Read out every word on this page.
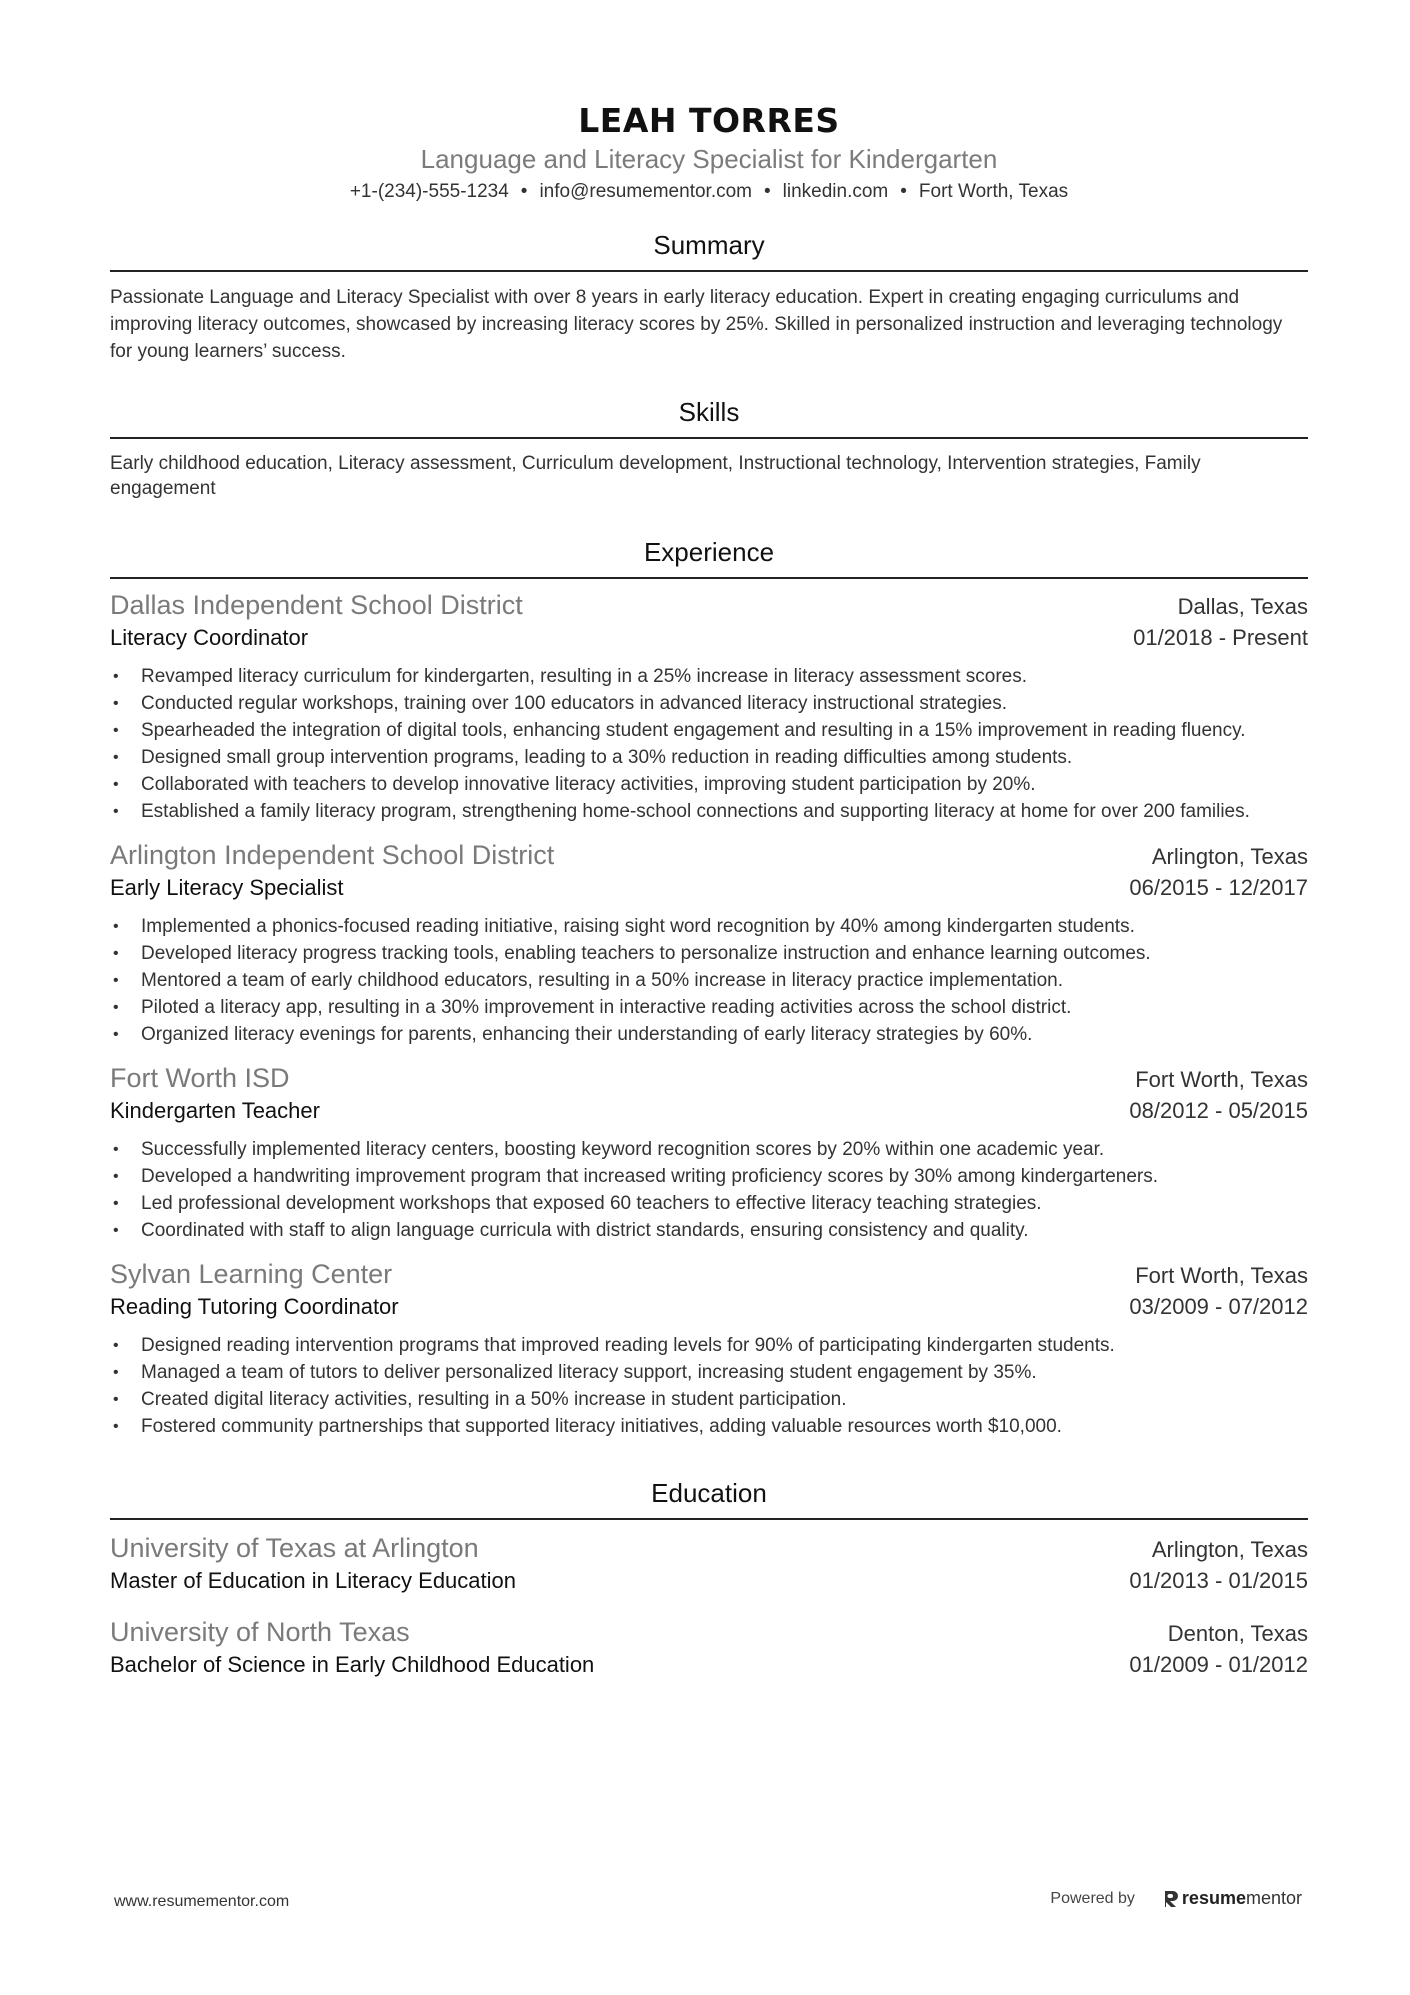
LEAH TORRES
Language and Literacy Specialist for Kindergarten
+1-(234)-555-1234 • info@resumementor.com • linkedin.com • Fort Worth, Texas
Summary
Passionate Language and Literacy Specialist with over 8 years in early literacy education. Expert in creating engaging curriculums and improving literacy outcomes, showcased by increasing literacy scores by 25%. Skilled in personalized instruction and leveraging technology for young learners’ success.
Skills
Early childhood education, Literacy assessment, Curriculum development, Instructional technology, Intervention strategies, Family engagement
Experience
Dallas Independent School District	Dallas, Texas
Literacy Coordinator	01/2018 - Present
• Revamped literacy curriculum for kindergarten, resulting in a 25% increase in literacy assessment scores.
• Conducted regular workshops, training over 100 educators in advanced literacy instructional strategies.
• Spearheaded the integration of digital tools, enhancing student engagement and resulting in a 15% improvement in reading fluency.
• Designed small group intervention programs, leading to a 30% reduction in reading difficulties among students.
• Collaborated with teachers to develop innovative literacy activities, improving student participation by 20%.
• Established a family literacy program, strengthening home-school connections and supporting literacy at home for over 200 families.
Arlington Independent School District	Arlington, Texas
Early Literacy Specialist	06/2015 - 12/2017
• Implemented a phonics-focused reading initiative, raising sight word recognition by 40% among kindergarten students.
• Developed literacy progress tracking tools, enabling teachers to personalize instruction and enhance learning outcomes.
• Mentored a team of early childhood educators, resulting in a 50% increase in literacy practice implementation.
• Piloted a literacy app, resulting in a 30% improvement in interactive reading activities across the school district.
• Organized literacy evenings for parents, enhancing their understanding of early literacy strategies by 60%.
Fort Worth ISD	Fort Worth, Texas
Kindergarten Teacher	08/2012 - 05/2015
• Successfully implemented literacy centers, boosting keyword recognition scores by 20% within one academic year.
• Developed a handwriting improvement program that increased writing proficiency scores by 30% among kindergarteners.
• Led professional development workshops that exposed 60 teachers to effective literacy teaching strategies.
• Coordinated with staff to align language curricula with district standards, ensuring consistency and quality.
Sylvan Learning Center	Fort Worth, Texas
Reading Tutoring Coordinator	03/2009 - 07/2012
• Designed reading intervention programs that improved reading levels for 90% of participating kindergarten students.
• Managed a team of tutors to deliver personalized literacy support, increasing student engagement by 35%.
• Created digital literacy activities, resulting in a 50% increase in student participation.
• Fostered community partnerships that supported literacy initiatives, adding valuable resources worth $10,000.
Education
University of Texas at Arlington	Arlington, Texas
Master of Education in Literacy Education	01/2013 - 01/2015
University of North Texas	Denton, Texas
Bachelor of Science in Early Childhood Education	01/2009 - 01/2012
www.resumementor.com	Powered by	resume mentor
